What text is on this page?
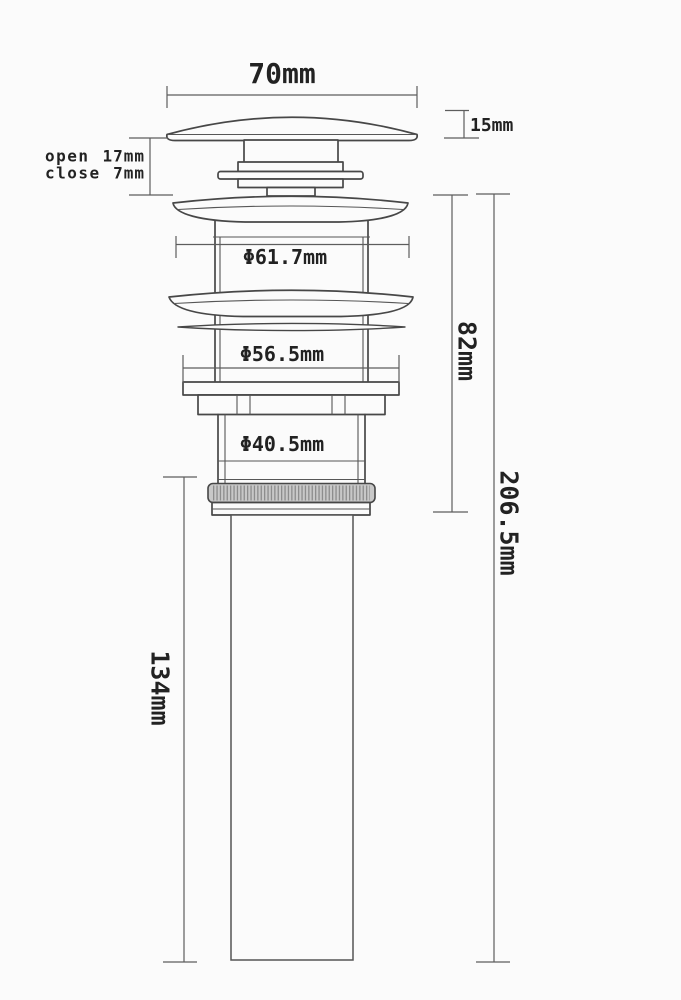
70mm
15mm
open 17mm
close 7mm
Φ61.7mm
Φ56.5mm
Φ40.5mm
82mm
206.5mm
134mm
